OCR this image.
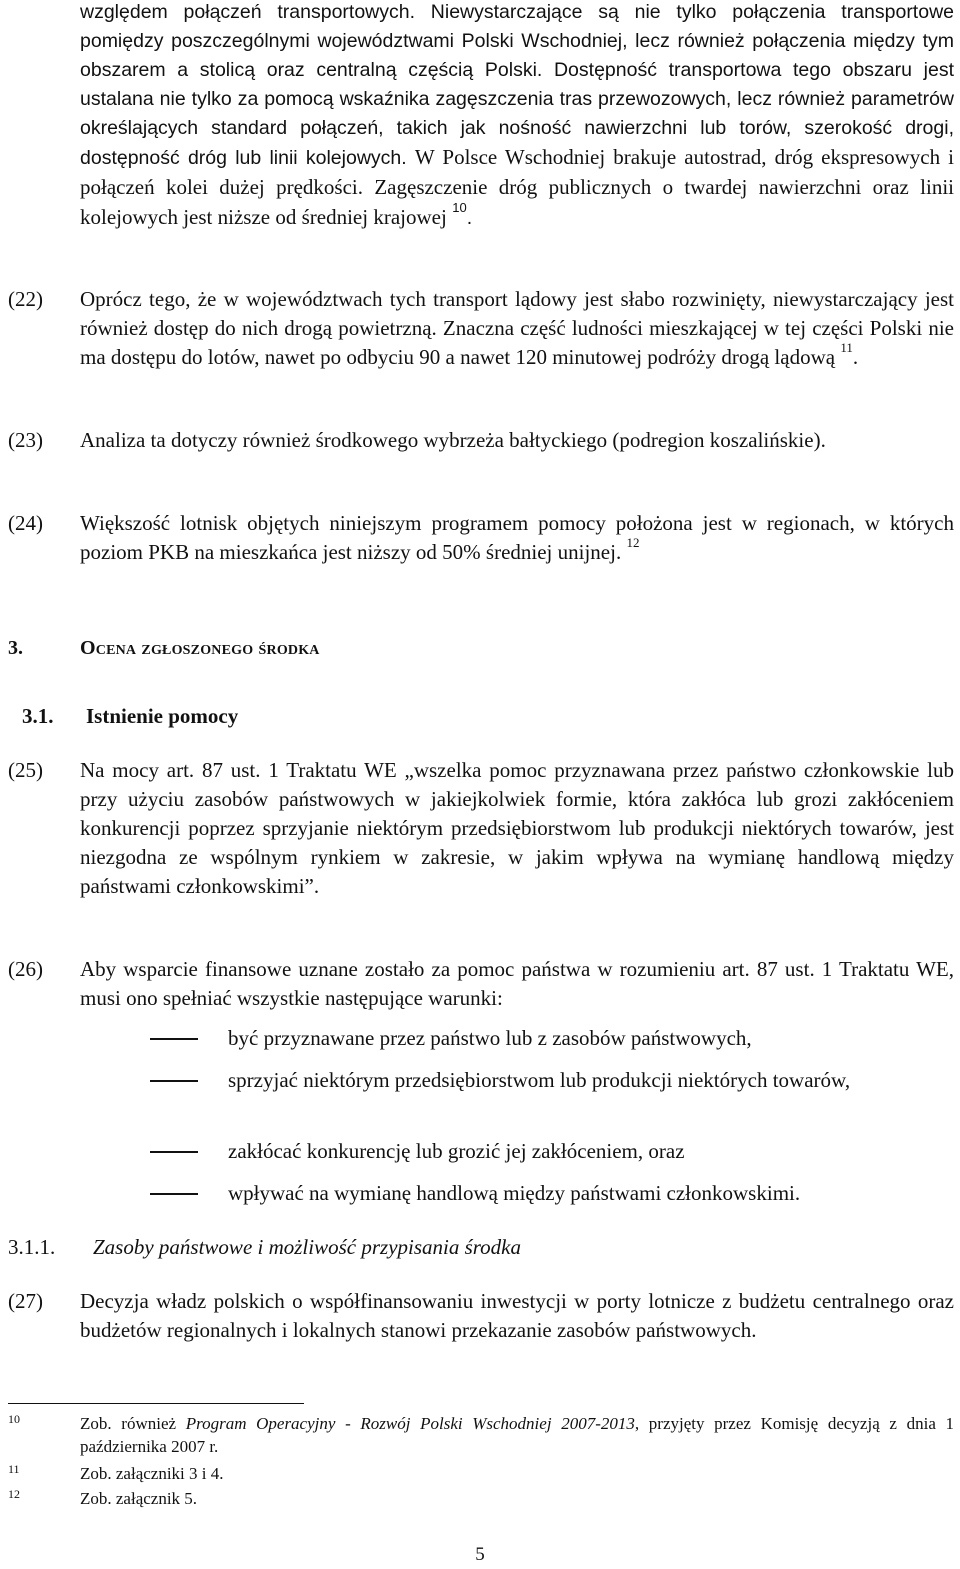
względem połączeń transportowych. Niewystarczające są nie tylko połączenia transportowe pomiędzy poszczególnymi województwami Polski Wschodniej, lecz również połączenia między tym obszarem a stolicą oraz centralną częścią Polski. Dostępność transportowa tego obszaru jest ustalana nie tylko za pomocą wskaźnika zagęszczenia tras przewozowych, lecz również parametrów określających standard połączeń, takich jak nośność nawierzchni lub torów, szerokość drogi, dostępność dróg lub linii kolejowych. W Polsce Wschodniej brakuje autostrad, dróg ekspresowych i połączeń kolei dużej prędkości. Zagęszczenie dróg publicznych o twardej nawierzchni oraz linii kolejowych jest niższe od średniej krajowej $^{10}$.
(22)	Oprócz tego, że w województwach tych transport lądowy jest słabo rozwinięty, niewystarczający jest również dostęp do nich drogą powietrzną. Znaczna część ludności mieszkającej w tej części Polski nie ma dostępu do lotów, nawet po odbyciu 90 a nawet 120 minutowej podróży drogą lądową $^{11}$.
(23)	Analiza ta dotyczy również środkowego wybrzeża bałtyckiego (podregion koszalińskie).
(24)	Większość lotnisk objętych niniejszym programem pomocy położona jest w regionach, w których poziom PKB na mieszkańca jest niższy od 50% średniej unijnej. $^{12}$
3.	Ocena zgłoszonego środka
3.1. Istnienie pomocy
(25)	Na mocy art. 87 ust. 1 Traktatu WE „wszelka pomoc przyznawana przez państwo członkowskie lub przy użyciu zasobów państwowych w jakiejkolwiek formie, która zakłóca lub grozi zakłóceniem konkurencji poprzez sprzyjanie niektórym przedsiębiorstwom lub produkcji niektórych towarów, jest niezgodna ze wspólnym rynkiem w zakresie, w jakim wpływa na wymianę handlową między państwami członkowskimi”.
(26)	Aby wsparcie finansowe uznane zostało za pomoc państwa w rozumieniu art. 87 ust. 1 Traktatu WE, musi ono spełniać wszystkie następujące warunki:
być przyznawane przez państwo lub z zasobów państwowych,
sprzyjać niektórym przedsiębiorstwom lub produkcji niektórych towarów,
zakłócać konkurencję lub grozić jej zakłóceniem, oraz
wpływać na wymianę handlową między państwami członkowskimi.
3.1.1. Zasoby państwowe i możliwość przypisania środka
(27)	Decyzja władz polskich o współfinansowaniu inwestycji w porty lotnicze z budżetu centralnego oraz budżetów regionalnych i lokalnych stanowi przekazanie zasobów państwowych.
10	Zob. również Program Operacyjny - Rozwój Polski Wschodniej 2007-2013, przyjęty przez Komisję decyzją z dnia 1 października 2007 r.
11	Zob. załączniki 3 i 4.
12	Zob. załącznik 5.
5
